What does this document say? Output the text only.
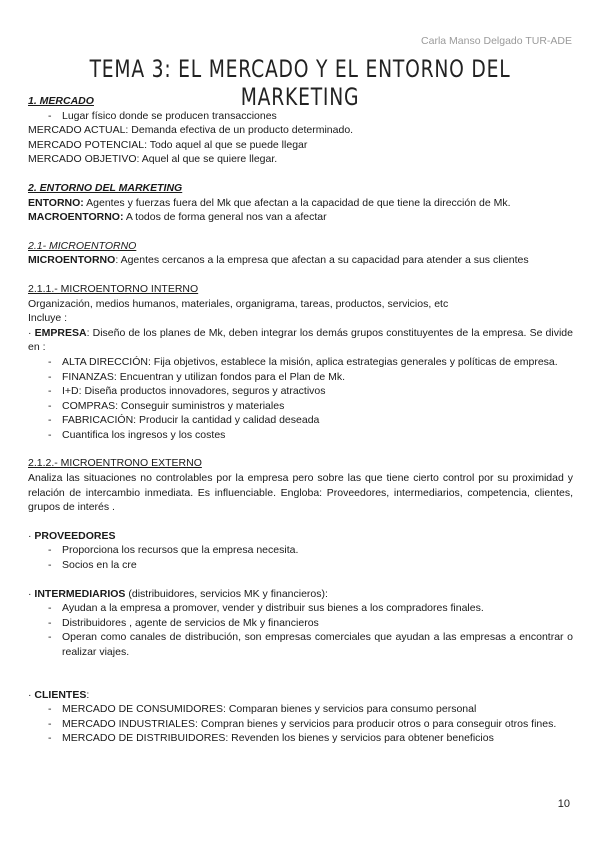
Carla Manso Delgado TUR-ADE
TEMA 3: EL MERCADO Y EL ENTORNO DEL MARKETING

1. MERCADO

- Lugar físico donde se producen transacciones

MERCADO ACTUAL: Demanda efectiva de un producto determinado.

MERCADO POTENCIAL: Todo aquel al que se puede llegar

MERCADO OBJETIVO: Aquel al que se quiere llegar.

2. ENTORNO DEL MARKETING

ENTORNO: Agentes y fuerzas fuera del Mk que afectan a la capacidad de que tiene la dirección de Mk.

MACROENTORNO: A todos de forma general nos van a afectar

2.1- MICROENTORNO

MICROENTORNO: Agentes cercanos a la empresa que afectan a su capacidad para atender a sus clientes

2.1.1.- MICROENTORNO INTERNO

Organización, medios humanos, materiales, organigrama, tareas, productos, servicios, etc

Incluye :

· EMPRESA: Diseño de los planes de Mk, deben integrar los demás grupos constituyentes de la empresa. Se divide en :

- ALTA DIRECCIÓN: Fija objetivos, establece la misión, aplica estrategias generales y políticas de empresa.
- FINANZAS: Encuentran y utilizan fondos para el Plan de Mk.
- I+D: Diseña productos innovadores, seguros y atractivos
- COMPRAS: Conseguir suministros y materiales
- FABRICACIÓN: Producir la cantidad y calidad deseada
- Cuantifica los ingresos y los costes

2.1.2.- MICROENTRONO EXTERNO

Analiza las situaciones no controlables por la empresa pero sobre las que tiene cierto control por su proximidad y relación de intercambio inmediata. Es influenciable. Engloba: Proveedores, intermediarios, competencia, clientes, grupos de interés .

· PROVEEDORES

- Proporciona los recursos que la empresa necesita.
- Socios en la cre

· INTERMEDIARIOS (distribuidores, servicios MK y financieros):

- Ayudan a la empresa a promover, vender y distribuir sus bienes a los compradores finales.
- Distribuidores , agente de servicios de Mk y financieros
- Operan como canales de distribución, son empresas comerciales que ayudan a las empresas a encontrar o realizar viajes.

· CLIENTES:

- MERCADO DE CONSUMIDORES: Comparan bienes y servicios para consumo personal
- MERCADO INDUSTRIALES: Compran bienes y servicios para producir otros o para conseguir otros fines.
- MERCADO DE DISTRIBUIDORES: Revenden los bienes y servicios para obtener beneficios
10
